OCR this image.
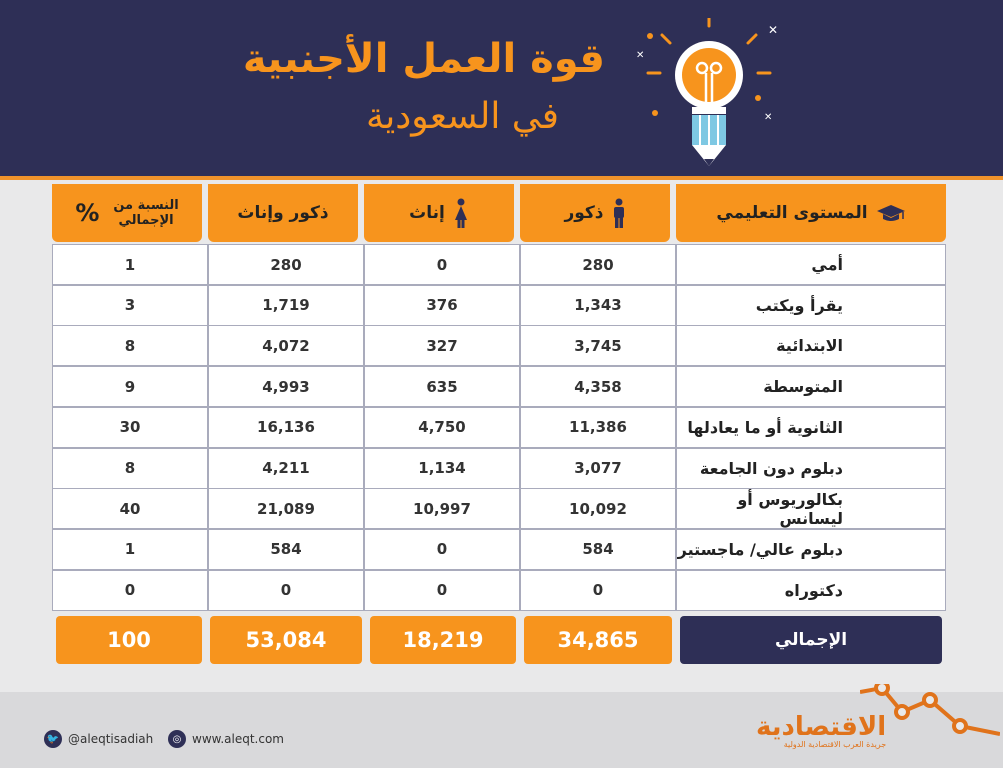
قوة العمل الأجنبية
في السعودية
✕
✕
✕
المستوى التعليمي
ذكور
إناث
ذكور وإناث
النسبة من
الإجمالي
%
أمي
280
0
280
1
يقرأ ويكتب
1,343
376
1,719
3
الابتدائية
3,745
327
4,072
8
المتوسطة
4,358
635
4,993
9
الثانوية أو ما يعادلها
11,386
4,750
16,136
30
دبلوم دون الجامعة
3,077
1,134
4,211
8
بكالوريوس أو ليسانس
10,092
10,997
21,089
40
دبلوم عالي/ ماجستير
584
0
584
1
دكتوراه
0
0
0
0
الإجمالي
34,865
18,219
53,084
100
🐦 @aleqtisadiah	◎ www.aleqt.com	الاقتصادية
جريدة العرب الاقتصادية الدولية
